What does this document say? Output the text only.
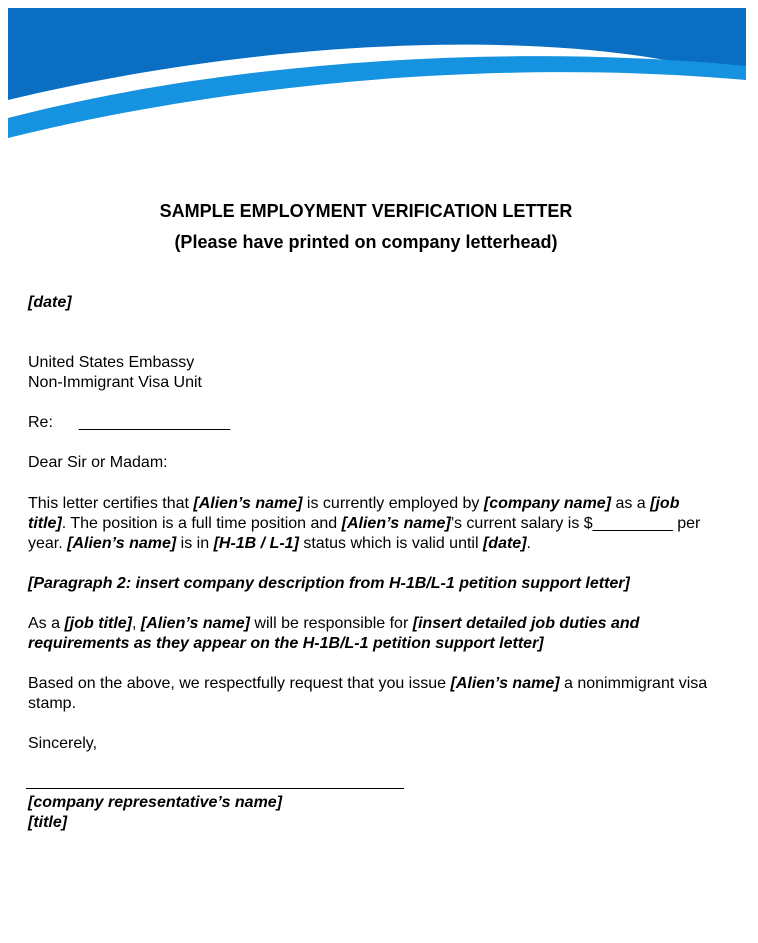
SAMPLE EMPLOYMENT VERIFICATION LETTER
(Please have printed on company letterhead)
[date]
United States Embassy
Non-Immigrant Visa Unit
Re: _________________
Dear Sir or Madam:
This letter certifies that [Alien’s name] is currently employed by [company name] as a [job
title]. The position is a full time position and [Alien’s name]’s current salary is $_________ per
year. [Alien’s name] is in [H-1B / L-1] status which is valid until [date].
[Paragraph 2: insert company description from H-1B/L-1 petition support letter]
As a [job title], [Alien’s name] will be responsible for [insert detailed job duties and
requirements as they appear on the H-1B/L-1 petition support letter]
Based on the above, we respectfully request that you issue [Alien’s name] a nonimmigrant visa
stamp.
Sincerely,
[company representative’s name]
[title]
